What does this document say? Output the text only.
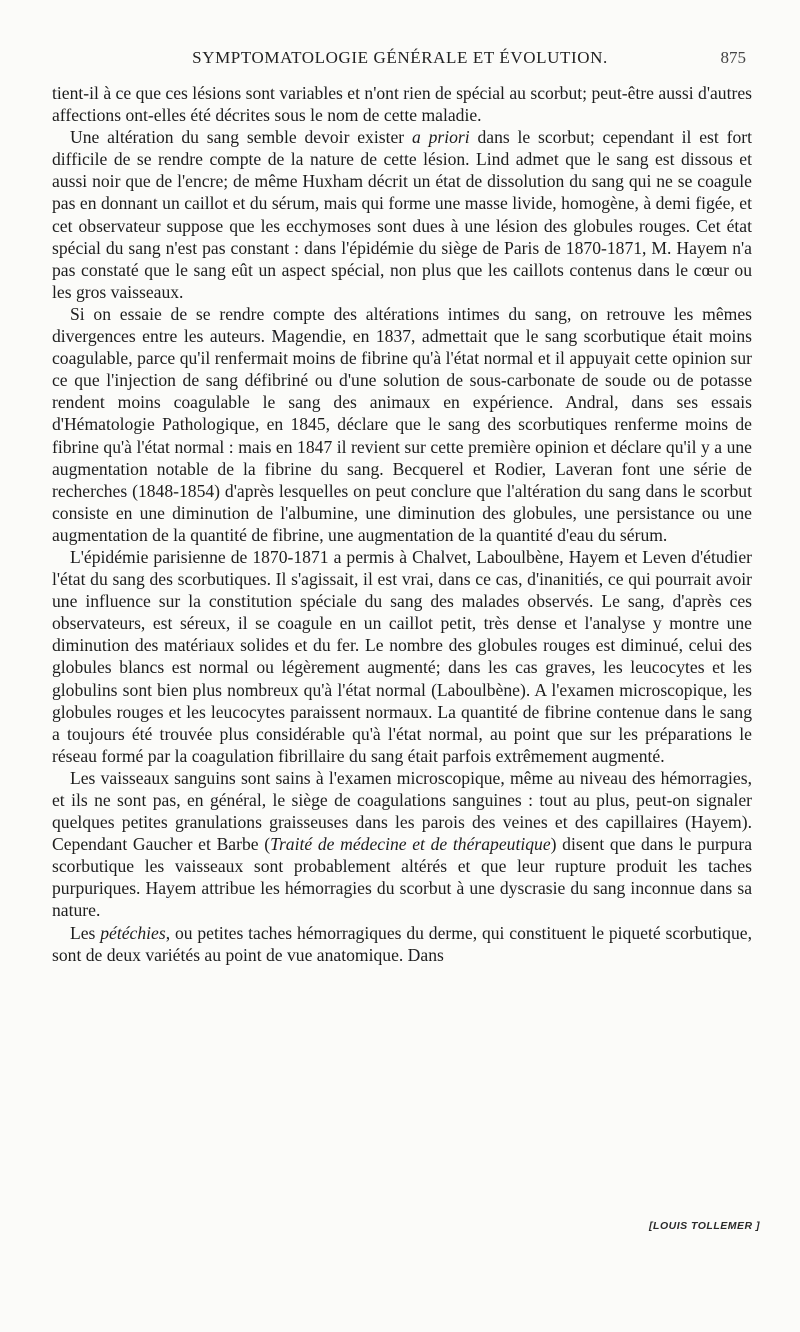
SYMPTOMATOLOGIE GÉNÉRALE ET ÉVOLUTION.	875

tient-il à ce que ces lésions sont variables et n'ont rien de spécial au scorbut; peut-être aussi d'autres affections ont-elles été décrites sous le nom de cette maladie.

Une altération du sang semble devoir exister a priori dans le scorbut; cependant il est fort difficile de se rendre compte de la nature de cette lésion. Lind admet que le sang est dissous et aussi noir que de l'encre; de même Huxham décrit un état de dissolution du sang qui ne se coagule pas en donnant un caillot et du sérum, mais qui forme une masse livide, homogène, à demi figée, et cet observateur suppose que les ecchymoses sont dues à une lésion des globules rouges. Cet état spécial du sang n'est pas constant : dans l'épidémie du siège de Paris de 1870-1871, M. Hayem n'a pas constaté que le sang eût un aspect spécial, non plus que les caillots contenus dans le cœur ou les gros vaisseaux.

Si on essaie de se rendre compte des altérations intimes du sang, on retrouve les mêmes divergences entre les auteurs. Magendie, en 1837, admettait que le sang scorbutique était moins coagulable, parce qu'il renfermait moins de fibrine qu'à l'état normal et il appuyait cette opinion sur ce que l'injection de sang défibriné ou d'une solution de sous-carbonate de soude ou de potasse rendent moins coagulable le sang des animaux en expérience. Andral, dans ses essais d'Hématologie Pathologique, en 1845, déclare que le sang des scorbutiques renferme moins de fibrine qu'à l'état normal : mais en 1847 il revient sur cette première opinion et déclare qu'il y a une augmentation notable de la fibrine du sang. Becquerel et Rodier, Laveran font une série de recherches (1848-1854) d'après lesquelles on peut conclure que l'altération du sang dans le scorbut consiste en une diminution de l'albumine, une diminution des globules, une persistance ou une augmentation de la quantité de fibrine, une augmentation de la quantité d'eau du sérum.

L'épidémie parisienne de 1870-1871 a permis à Chalvet, Laboulbène, Hayem et Leven d'étudier l'état du sang des scorbutiques. Il s'agissait, il est vrai, dans ce cas, d'inanitiés, ce qui pourrait avoir une influence sur la constitution spéciale du sang des malades observés. Le sang, d'après ces observateurs, est séreux, il se coagule en un caillot petit, très dense et l'analyse y montre une diminution des matériaux solides et du fer. Le nombre des globules rouges est diminué, celui des globules blancs est normal ou légèrement augmenté; dans les cas graves, les leucocytes et les globulins sont bien plus nombreux qu'à l'état normal (Laboulbène). A l'examen microscopique, les globules rouges et les leucocytes paraissent normaux. La quantité de fibrine contenue dans le sang a toujours été trouvée plus considérable qu'à l'état normal, au point que sur les préparations le réseau formé par la coagulation fibrillaire du sang était parfois extrêmement augmenté.

Les vaisseaux sanguins sont sains à l'examen microscopique, même au niveau des hémorragies, et ils ne sont pas, en général, le siège de coagulations sanguines : tout au plus, peut-on signaler quelques petites granulations graisseuses dans les parois des veines et des capillaires (Hayem). Cependant Gaucher et Barbe (Traité de médecine et de thérapeutique) disent que dans le purpura scorbutique les vaisseaux sont probablement altérés et que leur rupture produit les taches purpuriques. Hayem attribue les hémorragies du scorbut à une dyscrasie du sang inconnue dans sa nature.

Les pétéchies, ou petites taches hémorragiques du derme, qui constituent le piqueté scorbutique, sont de deux variétés au point de vue anatomique. Dans

[LOUIS TOLLEMER ]
